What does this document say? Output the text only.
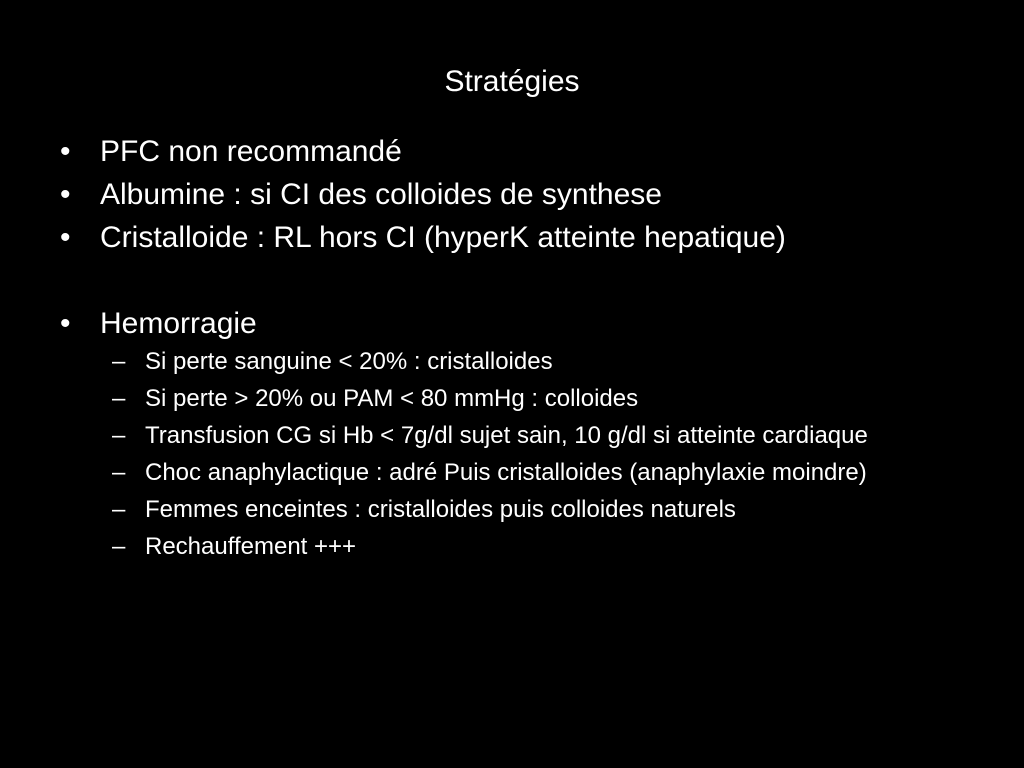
Stratégies
• PFC non recommandé
• Albumine : si CI des colloides de synthese
• Cristalloide : RL hors CI (hyperK atteinte hepatique)
• Hemorragie
– Si perte sanguine < 20% : cristalloides
– Si perte > 20% ou PAM < 80 mmHg : colloides
– Transfusion CG si Hb < 7g/dl sujet sain, 10 g/dl si atteinte cardiaque
– Choc anaphylactique : adré Puis cristalloides (anaphylaxie moindre)
– Femmes enceintes : cristalloides puis colloides naturels
– Rechauffement +++
